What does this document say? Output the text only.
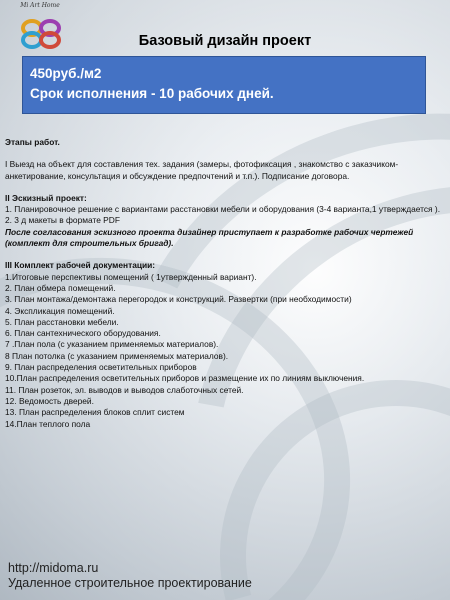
Mi Art Home
Базовый дизайн проект
450руб./м2
Срок исполнения - 10 рабочих дней.

Этапы работ.

I Выезд на объект для составления тех. задания (замеры, фотофиксация , знакомство с заказчиком- анкетирование, консультация и обсуждение предпочтений и т.п.). Подписание договора.

II Эскизный проект:

1. Планировочное решение с вариантами расстановки мебели и оборудования (3-4 варианта,1 утверждается ).

2. 3 д макеты в формате PDF

После согласования эскизного проекта дизайнер приступает к разработке рабочих чертежей (комплект для строительных бригад).

III Комплект рабочей документации:

1.Итоговые перспективы помещений ( 1утвержденный вариант).

2. План обмера помещений.

3. План монтажа/демонтажа перегородок и конструкций. Развертки (при необходимости)

4. Экспликация помещений.

5. План расстановки мебели.

6. План сантехнического оборудования.

7 .План пола (с указанием применяемых материалов).

8 План потолка (с указанием применяемых материалов).

9. План распределения осветительных приборов

10.План распределения осветительных приборов и размещение их по линиям выключения.

11. План розеток, эл. выводов и выводов слаботочных сетей.

12. Ведомость дверей.

13. План распределения блоков сплит систем

14.План теплого пола

http://midoma.ru
Удаленное строительное проектирование
